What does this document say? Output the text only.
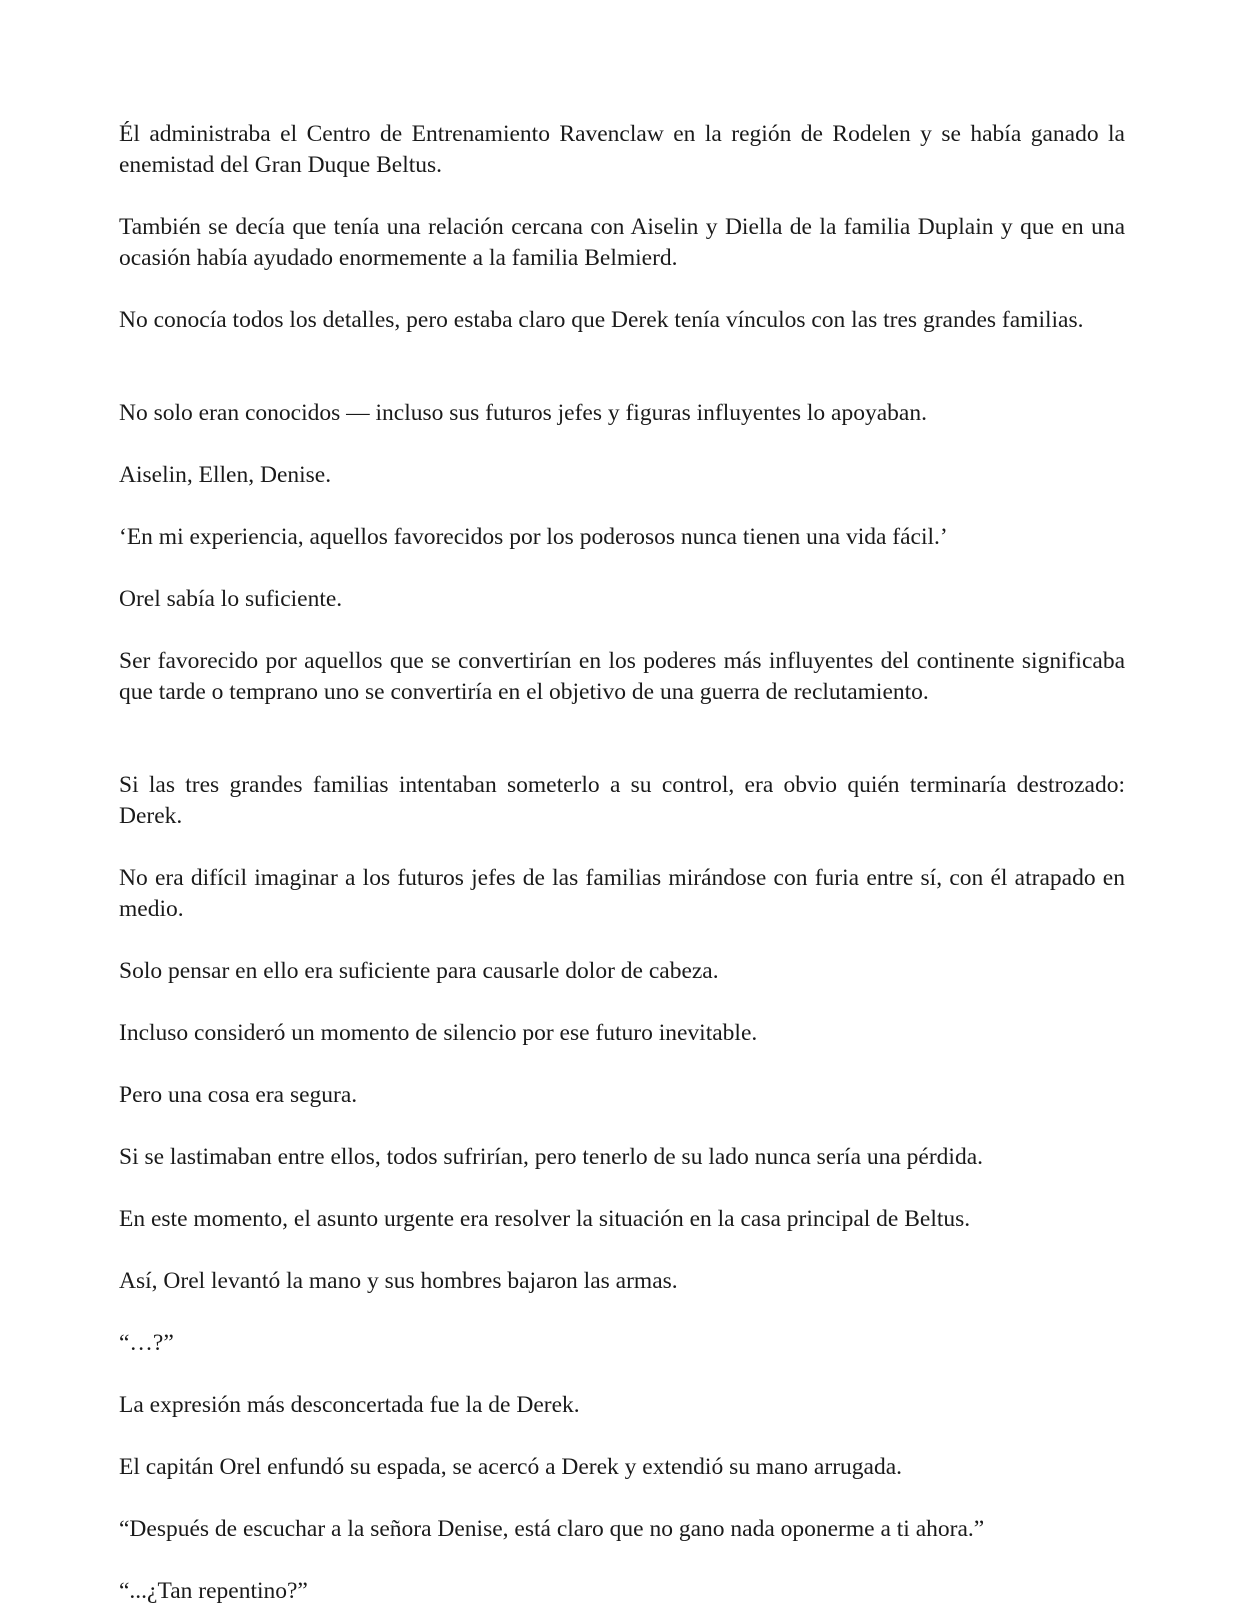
Él administraba el Centro de Entrenamiento Ravenclaw en la región de Rodelen y se había ganado la enemistad del Gran Duque Beltus.

También se decía que tenía una relación cercana con Aiselin y Diella de la familia Duplain y que en una ocasión había ayudado enormemente a la familia Belmierd.

No conocía todos los detalles, pero estaba claro que Derek tenía vínculos con las tres grandes familias.

No solo eran conocidos — incluso sus futuros jefes y figuras influyentes lo apoyaban.

Aiselin, Ellen, Denise.

‘En mi experiencia, aquellos favorecidos por los poderosos nunca tienen una vida fácil.’

Orel sabía lo suficiente.

Ser favorecido por aquellos que se convertirían en los poderes más influyentes del continente significaba que tarde o temprano uno se convertiría en el objetivo de una guerra de reclutamiento.

Si las tres grandes familias intentaban someterlo a su control, era obvio quién terminaría destrozado: Derek.

No era difícil imaginar a los futuros jefes de las familias mirándose con furia entre sí, con él atrapado en medio.

Solo pensar en ello era suficiente para causarle dolor de cabeza.

Incluso consideró un momento de silencio por ese futuro inevitable.

Pero una cosa era segura.

Si se lastimaban entre ellos, todos sufrirían, pero tenerlo de su lado nunca sería una pérdida.

En este momento, el asunto urgente era resolver la situación en la casa principal de Beltus.

Así, Orel levantó la mano y sus hombres bajaron las armas.

“…?”

La expresión más desconcertada fue la de Derek.

El capitán Orel enfundó su espada, se acercó a Derek y extendió su mano arrugada.

“Después de escuchar a la señora Denise, está claro que no gano nada oponerme a ti ahora.”

“...¿Tan repentino?”
